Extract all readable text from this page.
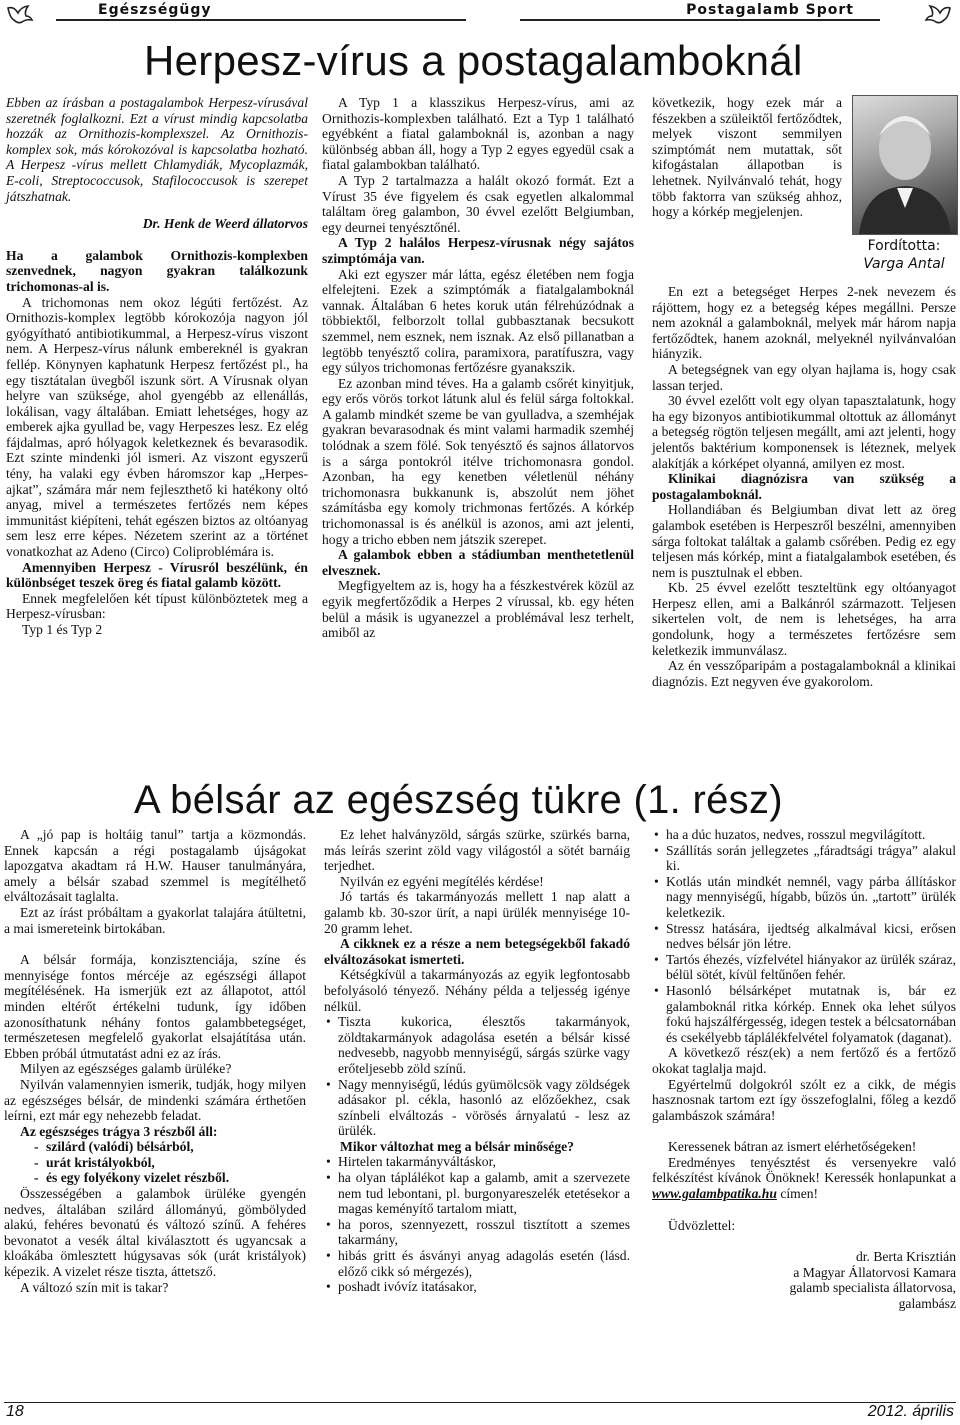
Egészségügy	Postagalamb Sport
Herpesz-vírus a postagalamboknál

Ebben az írásban a postagalambok Herpesz-vírusával szeretnék foglalkozni. Ezt a vírust mindig kapcsolatba hozzák az Ornithozis-komplexszel. Az Ornithozis-komplex sok, más kórokozóval is kapcsolatba hozható. A Herpesz -vírus mellett Chlamydiák, Mycoplazmák, E-coli, Streptococcusok, Stafilococcusok is szerepet játszhatnak.

Dr. Henk de Weerd állatorvos

Ha a galambok Ornithozis-komplexben szenvednek, nagyon gyakran találkozunk trichomonas-al is.

A trichomonas nem okoz légúti fertőzést. Az Ornithozis-komplex legtöbb kórokozója nagyon jól gyógyítható antibiotikummal, a Herpesz-vírus viszont nem. A Herpesz-vírus nálunk embereknél is gyakran fellép. Könynyen kaphatunk Herpesz fertőzést pl., ha egy tisztátalan üvegből iszunk sört. A Vírusnak olyan helyre van szüksége, ahol gyengébb az ellenállás, lokálisan, vagy általában. Emiatt lehetséges, hogy az emberek ajka gyullad be, vagy Herpeszes lesz. Ez elég fájdalmas, apró hólyagok keletkeznek és bevarasodik. Ezt szinte mindenki jól ismeri. Az viszont egyszerű tény, ha valaki egy évben háromszor kap „Herpes-ajkat”, számára már nem fejleszthető ki hatékony oltó anyag, mivel a természetes fertőzés nem képes immunitást kiépíteni, tehát egészen biztos az oltóanyag sem lesz erre képes. Nézetem szerint az a történet vonatkozhat az Adeno (Circo) Coliproblémára is.

Amennyiben Herpesz - Vírusról beszélünk, én különbséget teszek öreg és fiatal galamb között.

Ennek megfelelően két típust különböztetek meg a Herpesz-vírusban:

Typ 1 és Typ 2

A Typ 1 a klasszikus Herpesz-vírus, ami az Ornithozis-komplexben található. Ezt a Typ 1 található egyébként a fiatal galamboknál is, azonban a nagy különbség abban áll, hogy a Typ 2 egyes egyedül csak a fiatal galambokban található.

A Typ 2 tartalmazza a halált okozó formát. Ezt a Vírust 35 éve figyelem és csak egyetlen alkalommal találtam öreg galambon, 30 évvel ezelőtt Belgiumban, egy deurnei tenyésztőnél.

A Typ 2 halálos Herpesz-vírusnak négy sajátos szimptómája van.

Aki ezt egyszer már látta, egész életében nem fogja elfelejteni. Ezek a szimptómák a fiatalgalamboknál vannak. Általában 6 hetes koruk után félrehúzódnak a többiektől, felborzolt tollal gubbasztanak becsukott szemmel, nem esznek, nem isznak. Az első pillanatban a legtöbb tenyésztő colira, paramixora, paratífuszra, vagy egy súlyos trichomonas fertőzésre gyanakszik.

Ez azonban mind téves. Ha a galamb csőrét kinyitjuk, egy erős vörös torkot látunk alul és felül sárga foltokkal. A galamb mindkét szeme be van gyulladva, a szemhéjak gyakran bevarasodnak és mint valami harmadik szemhéj tolódnak a szem fölé. Sok tenyésztő és sajnos állatorvos is a sárga pontokról itélve trichomonasra gondol. Azonban, ha egy kenetben véletlenül néhány trichomonasra bukkanunk is, abszolút nem jöhet számításba egy komoly trichmonas fertőzés. A kórkép trichomonassal is és anélkül is azonos, ami azt jelenti, hogy a tricho ebben nem játszik szerepet.

A galambok ebben a stádiumban menthetetlenül elvesznek.

Megfigyeltem az is, hogy ha a fészkestvérek közül az egyik megfertőződik a Herpes 2 vírussal, kb. egy héten belül a másik is ugyanezzel a problémával lesz terhelt, amiből az

következik, hogy ezek már a fészekben a szüleiktől fertőződtek, melyek viszont semmilyen szimptómát nem mutattak, sőt kifogástalan állapotban is lehetnek. Nyilvánvaló tehát, hogy több faktorra van szükség ahhoz, hogy a kórkép megjelenjen.

Fordította:
Varga Antal

En ezt a betegséget Herpes 2-nek nevezem és rájöttem, hogy ez a betegség képes megállni. Persze nem azoknál a galamboknál, melyek már három napja fertőződtek, hanem azoknál, melyeknél nyilvánvalóan hiányzik.

A betegségnek van egy olyan hajlama is, hogy csak lassan terjed.

30 évvel ezelőtt volt egy olyan tapasztalatunk, hogy ha egy bizonyos antibiotikummal oltottuk az állományt a betegség rögtön teljesen megállt, ami azt jelenti, hogy jelentős baktérium komponensek is léteznek, melyek alakítják a kórképet olyanná, amilyen ez most.

Klinikai diagnózisra van szükség a postagalamboknál.

Hollandiában és Belgiumban divat lett az öreg galambok esetében is Herpeszről beszélni, amennyiben sárga foltokat találtak a galamb csőrében. Pedig ez egy teljesen más kórkép, mint a fiatalgalambok esetében, és nem is pusztulnak el ebben.

Kb. 25 évvel ezelőtt teszteltünk egy oltóanyagot Herpesz ellen, ami a Balkánról származott. Teljesen sikertelen volt, de nem is lehetséges, ha arra gondolunk, hogy a természetes fertőzésre sem keletkezik immunválasz.

Az én vesszőparipám a postagalamboknál a klinikai diagnózis. Ezt negyven éve gyakorolom.

A bélsár az egészség tükre (1. rész)

A „jó pap is holtáig tanul” tartja a közmondás. Ennek kapcsán a régi postagalamb újságokat lapozgatva akadtam rá H.W. Hauser tanulmányára, amely a bélsár szabad szemmel is megítélhető elváltozásait taglalta.

Ezt az írást próbáltam a gyakorlat talajára átültetni, a mai ismereteink birtokában.

A bélsár formája, konzisztenciája, színe és mennyisége fontos mércéje az egészségi állapot megítélésének. Ha ismerjük ezt az állapotot, attól minden eltérőt értékelni tudunk, így időben azonosíthatunk néhány fontos galambbetegséget, természetesen megfelelő gyakorlat elsajátítása után. Ebben próbál útmutatást adni ez az írás.

Milyen az egészséges galamb ürüléke?

Nyilván valamennyien ismerik, tudják, hogy milyen az egészséges bélsár, de mindenki számára érthetően leírni, ezt már egy nehezebb feladat.

Az egészséges trágya 3 részből áll:

- szilárd (valódi) bélsárból,
- urát kristályokból,
- és egy folyékony vizelet részből.

Összességében a galambok ürüléke gyengén nedves, általában szilárd állományú, gömbölyded alakú, fehéres bevonatú és változó színű. A fehéres bevonatot a vesék által kiválasztott és ugyancsak a kloákába ömlesztett húgysavas sók (urát kristályok) képezik. A vizelet része tiszta, áttetsző.

A változó szín mit is takar?

Ez lehet halványzöld, sárgás szürke, szürkés barna, más leírás szerint zöld vagy világostól a sötét barnáig terjedhet.

Nyilván ez egyéni megítélés kérdése!

Jó tartás és takarmányozás mellett 1 nap alatt a galamb kb. 30-szor ürít, a napi ürülék mennyisége 10-20 gramm lehet.

A cikknek ez a része a nem betegségekből fakadó elváltozásokat ismerteti.

Kétségkívül a takarmányozás az egyik legfontosabb befolyásoló tényező. Néhány példa a teljesség igénye nélkül.

• Tiszta kukorica, élesztős takarmányok, zöldtakarmányok adagolása esetén a bélsár kissé nedvesebb, nagyobb mennyiségű, sárgás szürke vagy erőteljesebb zöld színű.
• Nagy mennyiségű, lédús gyümölcsök vagy zöldségek adásakor pl. cékla, hasonló az előzőekhez, csak színbeli elváltozás - vörösés árnyalatú - lesz az ürülék.

Mikor változhat meg a bélsár minősége?

• Hirtelen takarmányváltáskor,
• ha olyan táplálékot kap a galamb, amit a szervezete nem tud lebontani, pl. burgonyareszelék etetésekor a magas keményítő tartalom miatt,
• ha poros, szennyezett, rosszul tisztított a szemes takarmány,
• hibás gritt és ásványi anyag adagolás esetén (lásd. előző cikk só mérgezés),
• poshadt ivóvíz itatásakor,
• ha a dúc huzatos, nedves, rosszul megvilágított.
• Szállítás során jellegzetes „fáradtsági trágya” alakul ki.
• Kotlás után mindkét nemnél, vagy párba állításkor nagy mennyiségű, hígabb, bűzös ún. „tartott” ürülék keletkezik.
• Stressz hatására, ijedtség alkalmával kicsi, erősen nedves bélsár jön létre.
• Tartós éhezés, vízfelvétel hiányakor az ürülék száraz, bélül sötét, kívül feltűnően fehér.
• Hasonló bélsárképet mutatnak is, bár ez galamboknál ritka kórkép. Ennek oka lehet súlyos fokú hajszálférgesség, idegen testek a bélcsatornában és csekélyebb táplálékfelvétel folyamatok (daganat).

A következő rész(ek) a nem fertőző és a fertőző okokat taglalja majd.

Egyértelmű dolgokról szólt ez a cikk, de mégis hasznosnak tartom ezt így összefoglalni, főleg a kezdő galambászok számára!

Keressenek bátran az ismert elérhetőségeken!

Eredményes tenyésztést és versenyekre való felkészítést kívánok Önöknek! Keressék honlapunkat a www.galambpatika.hu címen!

Üdvözlettel:

dr. Berta Krisztián

a Magyar Állatorvosi Kamara

galamb specialista állatorvosa,

galambász

18	2012. április
